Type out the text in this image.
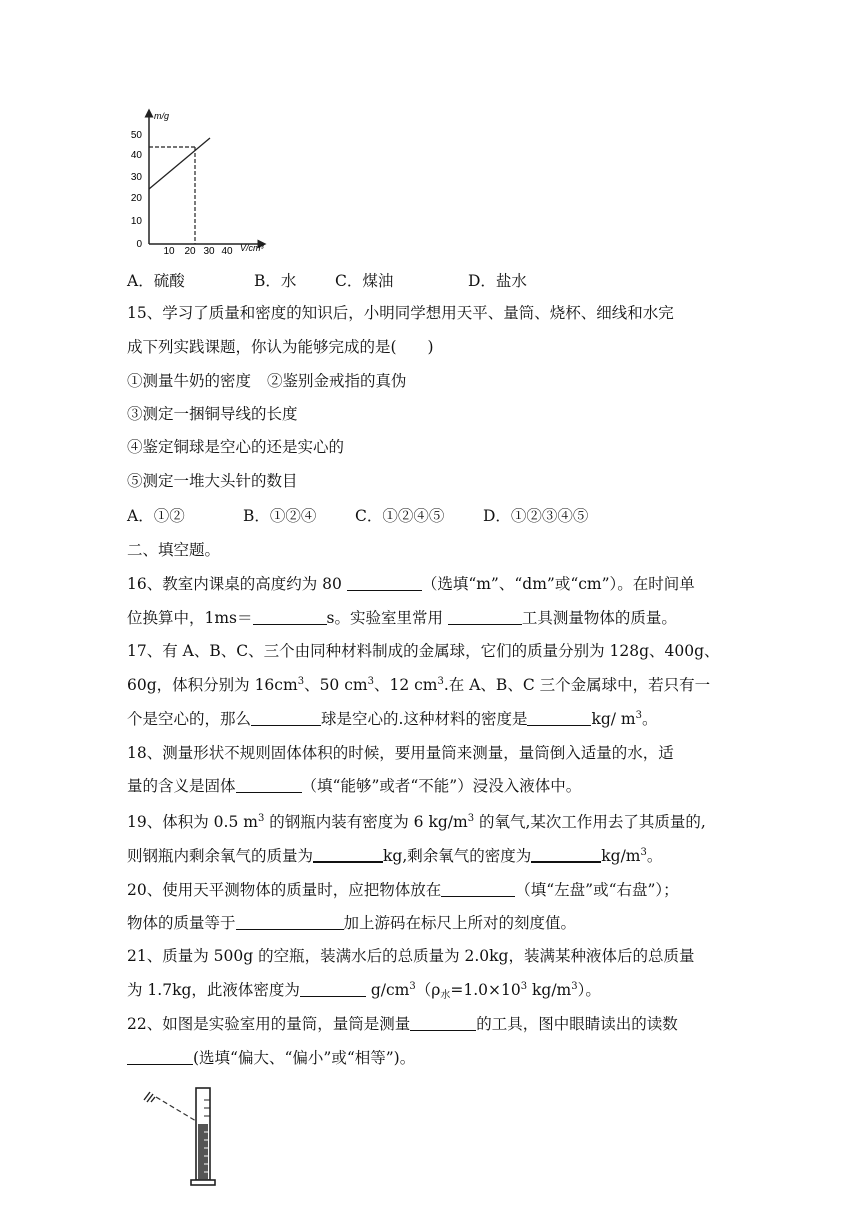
m/g
V/cm³
0
10
20
30
40
50
10 20 30 40
A．硫酸	B．水 C．煤油	D．盐水
15、学习了质量和密度的知识后，小明同学想用天平、量筒、烧杯、细线和水完
成下列实践课题，你认为能够完成的是(　　)
①测量牛奶的密度 ②鉴别金戒指的真伪
③测定一捆铜导线的长度
④鉴定铜球是空心的还是实心的
⑤测定一堆大头针的数目
A．①②	B．①②④ C．①②④⑤ D．①②③④⑤
二、填空题。
16、教室内课桌的高度约为 80	（选填“m”、“dm”或“cm”）。在时间单
位换算中，1ms＝	s。实验室里常用	工具测量物体的质量。
17、有 A、B、C、三个由同种材料制成的金属球，它们的质量分别为 128g、400g、
60g，体积分别为 $16cm^3$、50 $cm^3$、12 $cm^3$.在 A、B、C 三个金属球中，若只有一
个是空心的，那么	球是空心的.这种材料的密度是	kg/ $m^3$。
18、测量形状不规则固体体积的时候，要用量筒来测量，量筒倒入适量的水，适
量的含义是固体	（填“能够”或者“不能”）浸没入液体中。
19、体积为 0.5 $m^3$ 的钢瓶内装有密度为 6 $kg/m^3$ 的氧气,某次工作用去了其质量的,
则钢瓶内剩余氧气的质量为	kg,剩余氧气的密度为	$kg/m^3$。
20、使用天平测物体的质量时，应把物体放在	（填“左盘”或“右盘”）；
物体的质量等于	加上游码在标尺上所对的刻度值。
21、质量为 500g 的空瓶，装满水后的总质量为 2.0kg，装满某种液体后的总质量
为 1.7kg，此液体密度为	$g/cm^3(\rho_水=1.0\times 10^3$ $kg/m^3$）。
22、如图是实验室用的量筒，量筒是测量	的工具，图中眼睛读出的读数
(选填“偏大、“偏小”或“相等”)。
